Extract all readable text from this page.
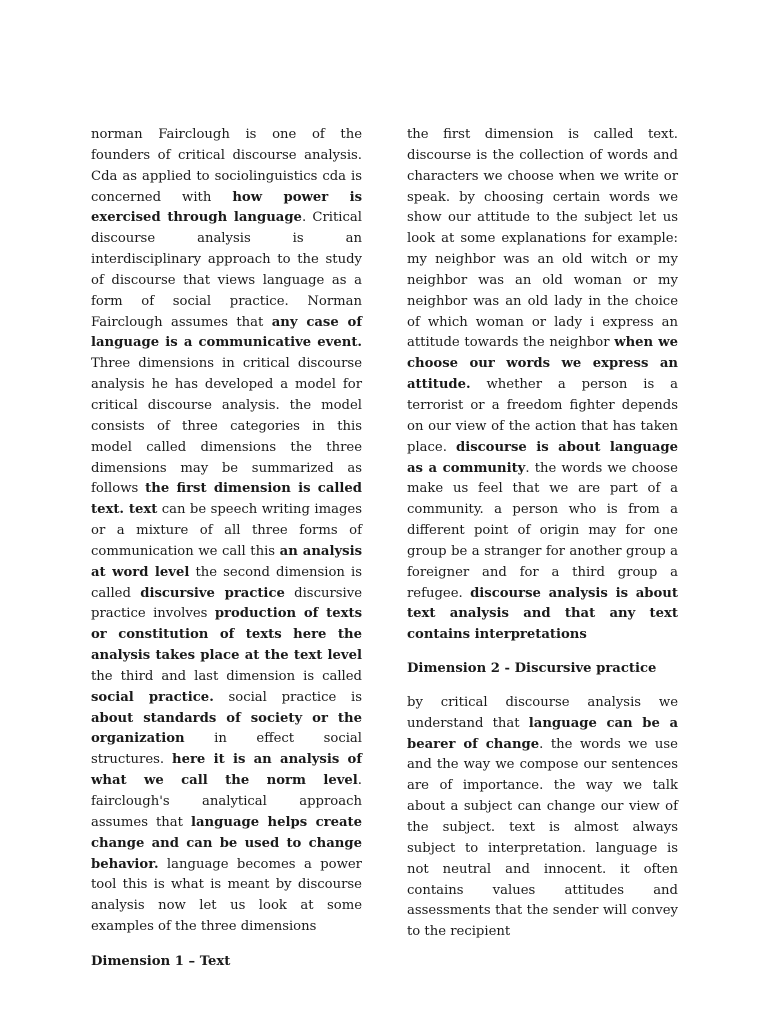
norman Fairclough is one of the founders of critical discourse analysis. Cda as applied to sociolinguistics cda is concerned with how power is exercised through language. Critical discourse analysis is an interdisciplinary approach to the study of discourse that views language as a form of social practice. Norman Fairclough assumes that any case of language is a communicative event. Three dimensions in critical discourse analysis he has developed a model for critical discourse analysis. the model consists of three categories in this model called dimensions the three dimensions may be summarized as follows the first dimension is called text. text can be speech writing images or a mixture of all three forms of communication we call this an analysis at word level the second dimension is called discursive practice discursive practice involves production of texts or constitution of texts here the analysis takes place at the text level the third and last dimension is called social practice. social practice is about standards of society or the organization in effect social structures. here it is an analysis of what we call the norm level. fairclough's analytical approach assumes that language helps create change and can be used to change behavior. language becomes a power tool this is what is meant by discourse analysis now let us look at some examples of the three dimensions

Dimension 1 – Text

the first dimension is called text. discourse is the collection of words and characters we choose when we write or speak. by choosing certain words we show our attitude to the subject let us look at some explanations for example: my neighbor was an old witch or my neighbor was an old woman or my neighbor was an old lady in the choice of which woman or lady i express an attitude towards the neighbor when we choose our words we express an attitude. whether a person is a terrorist or a freedom fighter depends on our view of the action that has taken place. discourse is about language as a community. the words we choose make us feel that we are part of a community. a person who is from a different point of origin may for one group be a stranger for another group a foreigner and for a third group a refugee. discourse analysis is about text analysis and that any text contains interpretations

Dimension 2 - Discursive practice

by critical discourse analysis we understand that language can be a bearer of change. the words we use and the way we compose our sentences are of importance. the way we talk about a subject can change our view of the subject. text is almost always subject to interpretation. language is not neutral and innocent. it often contains values attitudes and assessments that the sender will convey to the recipient
